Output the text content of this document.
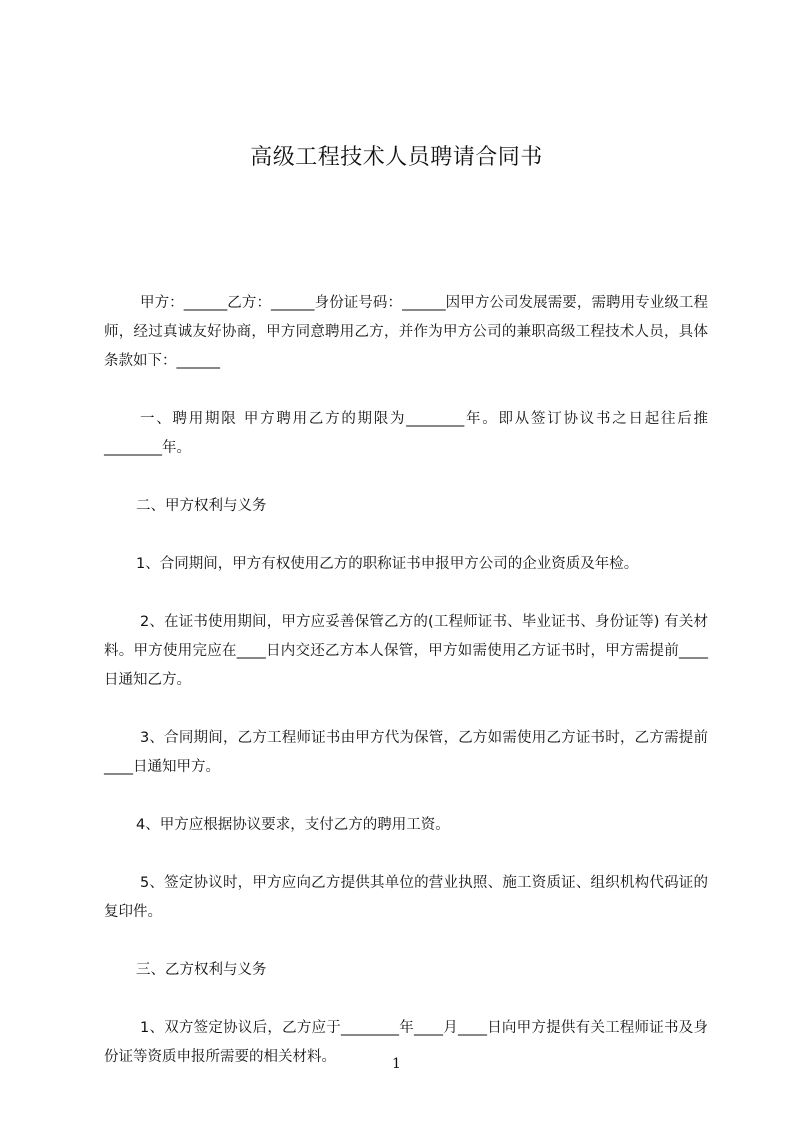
高级工程技术人员聘请合同书

甲方：______乙方：______身份证号码：______因甲方公司发展需要，需聘用专业级工程师，经过真诚友好协商，甲方同意聘用乙方，并作为甲方公司的兼职高级工程技术人员，具体条款如下：______

一、聘用期限 甲方聘用乙方的期限为________年。即从签订协议书之日起往后推________年。

二、甲方权利与义务

1、合同期间，甲方有权使用乙方的职称证书申报甲方公司的企业资质及年检。

2、在证书使用期间，甲方应妥善保管乙方的(工程师证书、毕业证书、身份证等) 有关材料。甲方使用完应在____日内交还乙方本人保管，甲方如需使用乙方证书时，甲方需提前____日通知乙方。

3、合同期间，乙方工程师证书由甲方代为保管，乙方如需使用乙方证书时，乙方需提前____日通知甲方。

4、甲方应根据协议要求，支付乙方的聘用工资。

5、签定协议时，甲方应向乙方提供其单位的营业执照、施工资质证、组织机构代码证的复印件。

三、乙方权利与义务

1、双方签定协议后，乙方应于________年____月____日向甲方提供有关工程师证书及身份证等资质申报所需要的相关材料。	1
